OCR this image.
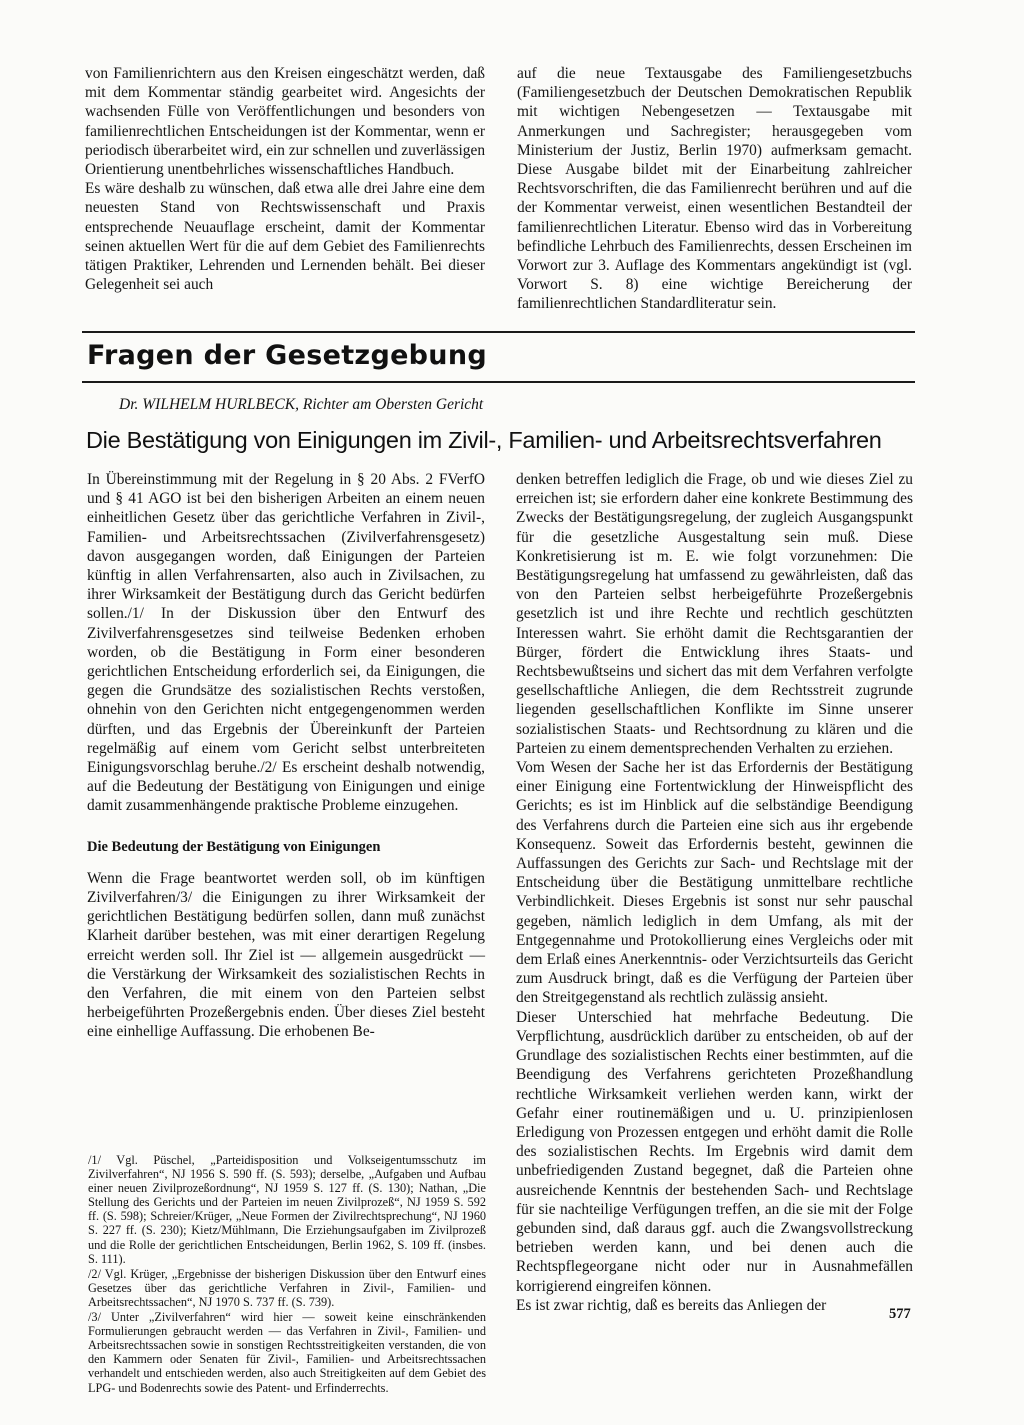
von Familienrichtern aus den Kreisen eingeschätzt werden, daß mit dem Kommentar ständig gearbeitet wird. Angesichts der wachsenden Fülle von Veröffentlichungen und besonders von familienrechtlichen Entscheidungen ist der Kommentar, wenn er periodisch überarbeitet wird, ein zur schnellen und zuverlässigen Orientierung unentbehrliches wissenschaftliches Handbuch.

Es wäre deshalb zu wünschen, daß etwa alle drei Jahre eine dem neuesten Stand von Rechtswissenschaft und Praxis entsprechende Neuauflage erscheint, damit der Kommentar seinen aktuellen Wert für die auf dem Gebiet des Familienrechts tätigen Praktiker, Lehrenden und Lernenden behält. Bei dieser Gelegenheit sei auch

auf die neue Textausgabe des Familiengesetzbuchs (Familiengesetzbuch der Deutschen Demokratischen Republik mit wichtigen Nebengesetzen — Textausgabe mit Anmerkungen und Sachregister; herausgegeben vom Ministerium der Justiz, Berlin 1970) aufmerksam gemacht. Diese Ausgabe bildet mit der Einarbeitung zahlreicher Rechtsvorschriften, die das Familienrecht berühren und auf die der Kommentar verweist, einen wesentlichen Bestandteil der familienrechtlichen Literatur. Ebenso wird das in Vorbereitung befindliche Lehrbuch des Familienrechts, dessen Erscheinen im Vorwort zur 3. Auflage des Kommentars angekündigt ist (vgl. Vorwort S. 8) eine wichtige Bereicherung der familienrechtlichen Standardliteratur sein.

Fragen der Gesetzgebung
Dr. WILHELM HURLBECK, Richter am Obersten Gericht
Die Bestätigung von Einigungen im Zivil-, Familien- und Arbeitsrechtsverfahren

In Übereinstimmung mit der Regelung in § 20 Abs. 2 FVerfO und § 41 AGO ist bei den bisherigen Arbeiten an einem neuen einheitlichen Gesetz über das gerichtliche Verfahren in Zivil-, Familien- und Arbeitsrechtssachen (Zivilverfahrensgesetz) davon ausgegangen worden, daß Einigungen der Parteien künftig in allen Verfahrensarten, also auch in Zivilsachen, zu ihrer Wirksamkeit der Bestätigung durch das Gericht bedürfen sollen./1/ In der Diskussion über den Entwurf des Zivilverfahrensgesetzes sind teilweise Bedenken erhoben worden, ob die Bestätigung in Form einer besonderen gerichtlichen Entscheidung erforderlich sei, da Einigungen, die gegen die Grundsätze des sozialistischen Rechts verstoßen, ohnehin von den Gerichten nicht entgegengenommen werden dürften, und das Ergebnis der Übereinkunft der Parteien regelmäßig auf einem vom Gericht selbst unterbreiteten Einigungsvorschlag beruhe./2/ Es erscheint deshalb notwendig, auf die Bedeutung der Bestätigung von Einigungen und einige damit zusammenhängende praktische Probleme einzugehen.

Die Bedeutung der Bestätigung von Einigungen

Wenn die Frage beantwortet werden soll, ob im künftigen Zivilverfahren/3/ die Einigungen zu ihrer Wirksamkeit der gerichtlichen Bestätigung bedürfen sollen, dann muß zunächst Klarheit darüber bestehen, was mit einer derartigen Regelung erreicht werden soll. Ihr Ziel ist — allgemein ausgedrückt — die Verstärkung der Wirksamkeit des sozialistischen Rechts in den Verfahren, die mit einem von den Parteien selbst herbeigeführten Prozeßergebnis enden. Über dieses Ziel besteht eine einhellige Auffassung. Die erhobenen Be-

denken betreffen lediglich die Frage, ob und wie dieses Ziel zu erreichen ist; sie erfordern daher eine konkrete Bestimmung des Zwecks der Bestätigungsregelung, der zugleich Ausgangspunkt für die gesetzliche Ausgestaltung sein muß. Diese Konkretisierung ist m. E. wie folgt vorzunehmen: Die Bestätigungsregelung hat umfassend zu gewährleisten, daß das von den Parteien selbst herbeigeführte Prozeßergebnis gesetzlich ist und ihre Rechte und rechtlich geschützten Interessen wahrt. Sie erhöht damit die Rechtsgarantien der Bürger, fördert die Entwicklung ihres Staats- und Rechtsbewußtseins und sichert das mit dem Verfahren verfolgte gesellschaftliche Anliegen, die dem Rechtsstreit zugrunde liegenden gesellschaftlichen Konflikte im Sinne unserer sozialistischen Staats- und Rechtsordnung zu klären und die Parteien zu einem dementsprechenden Verhalten zu erziehen.

Vom Wesen der Sache her ist das Erfordernis der Bestätigung einer Einigung eine Fortentwicklung der Hinweispflicht des Gerichts; es ist im Hinblick auf die selbständige Beendigung des Verfahrens durch die Parteien eine sich aus ihr ergebende Konsequenz. Soweit das Erfordernis besteht, gewinnen die Auffassungen des Gerichts zur Sach- und Rechtslage mit der Entscheidung über die Bestätigung unmittelbare rechtliche Verbindlichkeit. Dieses Ergebnis ist sonst nur sehr pauschal gegeben, nämlich lediglich in dem Umfang, als mit der Entgegennahme und Protokollierung eines Vergleichs oder mit dem Erlaß eines Anerkenntnis- oder Verzichtsurteils das Gericht zum Ausdruck bringt, daß es die Verfügung der Parteien über den Streitgegenstand als rechtlich zulässig ansieht.

Dieser Unterschied hat mehrfache Bedeutung. Die Verpflichtung, ausdrücklich darüber zu entscheiden, ob auf der Grundlage des sozialistischen Rechts einer bestimmten, auf die Beendigung des Verfahrens gerichteten Prozeßhandlung rechtliche Wirksamkeit verliehen werden kann, wirkt der Gefahr einer routinemäßigen und u. U. prinzipienlosen Erledigung von Prozessen entgegen und erhöht damit die Rolle des sozialistischen Rechts. Im Ergebnis wird damit dem unbefriedigenden Zustand begegnet, daß die Parteien ohne ausreichende Kenntnis der bestehenden Sach- und Rechtslage für sie nachteilige Verfügungen treffen, an die sie mit der Folge gebunden sind, daß daraus ggf. auch die Zwangsvollstreckung betrieben werden kann, und bei denen auch die Rechtspflegeorgane nicht oder nur in Ausnahmefällen korrigierend eingreifen können.

Es ist zwar richtig, daß es bereits das Anliegen der

/1/ Vgl. Püschel, „Parteidisposition und Volkseigentumsschutz im Zivilverfahren“, NJ 1956 S. 590 ff. (S. 593); derselbe, „Aufgaben und Aufbau einer neuen Zivilprozeßordnung“, NJ 1959 S. 127 ff. (S. 130); Nathan, „Die Stellung des Gerichts und der Parteien im neuen Zivilprozeß“, NJ 1959 S. 592 ff. (S. 598); Schreier/Krüger, „Neue Formen der Zivilrechtsprechung“, NJ 1960 S. 227 ff. (S. 230); Kietz/Mühlmann, Die Erziehungsaufgaben im Zivilprozeß und die Rolle der gerichtlichen Entscheidungen, Berlin 1962, S. 109 ff. (insbes. S. 111).

/2/ Vgl. Krüger, „Ergebnisse der bisherigen Diskussion über den Entwurf eines Gesetzes über das gerichtliche Verfahren in Zivil-, Familien- und Arbeitsrechtssachen“, NJ 1970 S. 737 ff. (S. 739).

/3/ Unter „Zivilverfahren“ wird hier — soweit keine einschränkenden Formulierungen gebraucht werden — das Verfahren in Zivil-, Familien- und Arbeitsrechtssachen sowie in sonstigen Rechtsstreitigkeiten verstanden, die von den Kammern oder Senaten für Zivil-, Familien- und Arbeitsrechtssachen verhandelt und entschieden werden, also auch Streitigkeiten auf dem Gebiet des LPG- und Bodenrechts sowie des Patent- und Erfinderrechts.

577
